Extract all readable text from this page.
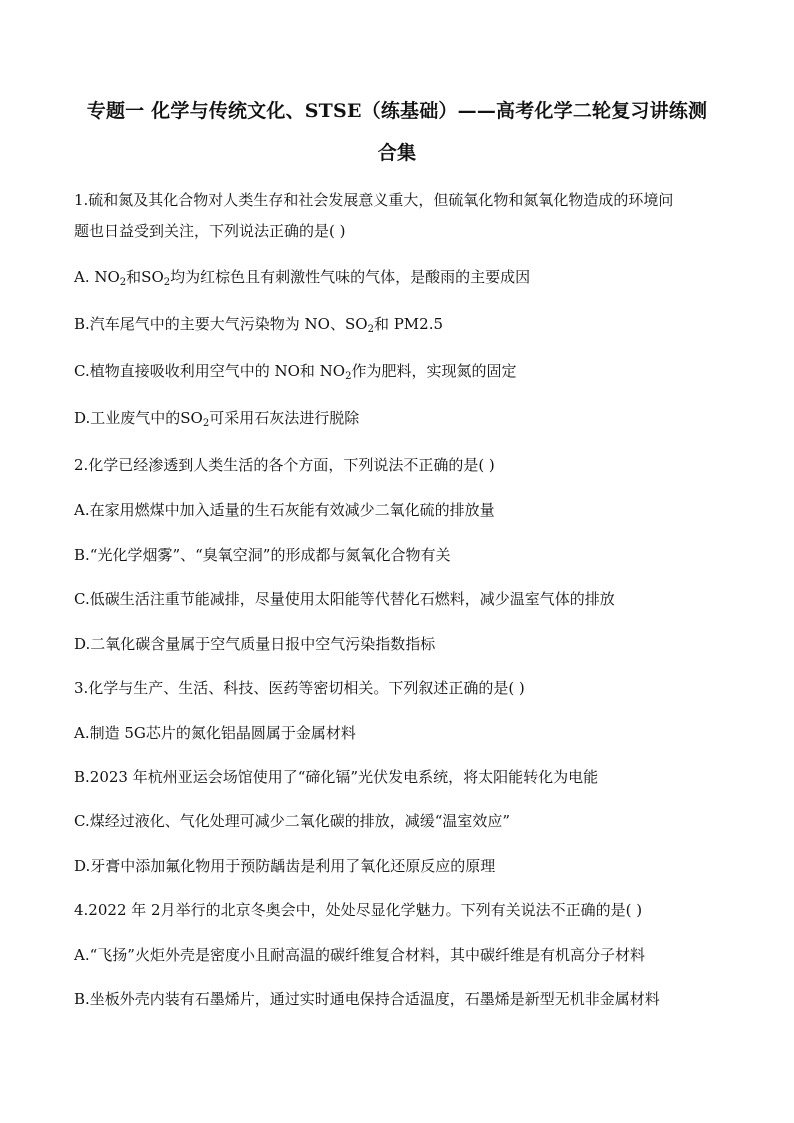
专题一 化学与传统文化、STSE（练基础）——高考化学二轮复习讲练测
合集
1.硫和氮及其化合物对人类生存和社会发展意义重大，但硫氧化物和氮氧化物造成的环境问
题也日益受到关注，下列说法正确的是( )
A. $NO_2$和$SO_2$均为红棕色且有刺激性气味的气体，是酸雨的主要成因
B.汽车尾气中的主要大气污染物为 NO、$SO_2$和 PM2.5
C.植物直接吸收利用空气中的 NO和 $NO_2$作为肥料，实现氮的固定
D.工业废气中的$SO_2$可采用石灰法进行脱除
2.化学已经渗透到人类生活的各个方面，下列说法不正确的是( )
A.在家用燃煤中加入适量的生石灰能有效减少二氧化硫的排放量
B.“光化学烟雾”、“臭氧空洞”的形成都与氮氧化合物有关
C.低碳生活注重节能减排，尽量使用太阳能等代替化石燃料，减少温室气体的排放
D.二氧化碳含量属于空气质量日报中空气污染指数指标
3.化学与生产、生活、科技、医药等密切相关。下列叙述正确的是( )
A.制造 5G芯片的氮化铝晶圆属于金属材料
B.2023 年杭州亚运会场馆使用了“碲化镉”光伏发电系统，将太阳能转化为电能
C.煤经过液化、气化处理可减少二氧化碳的排放，减缓“温室效应”
D.牙膏中添加氟化物用于预防龋齿是利用了氧化还原反应的原理
4.2022 年 2月举行的北京冬奥会中，处处尽显化学魅力。下列有关说法不正确的是( )
A.“飞扬”火炬外壳是密度小且耐高温的碳纤维复合材料，其中碳纤维是有机高分子材料
B.坐板外壳内装有石墨烯片，通过实时通电保持合适温度，石墨烯是新型无机非金属材料
